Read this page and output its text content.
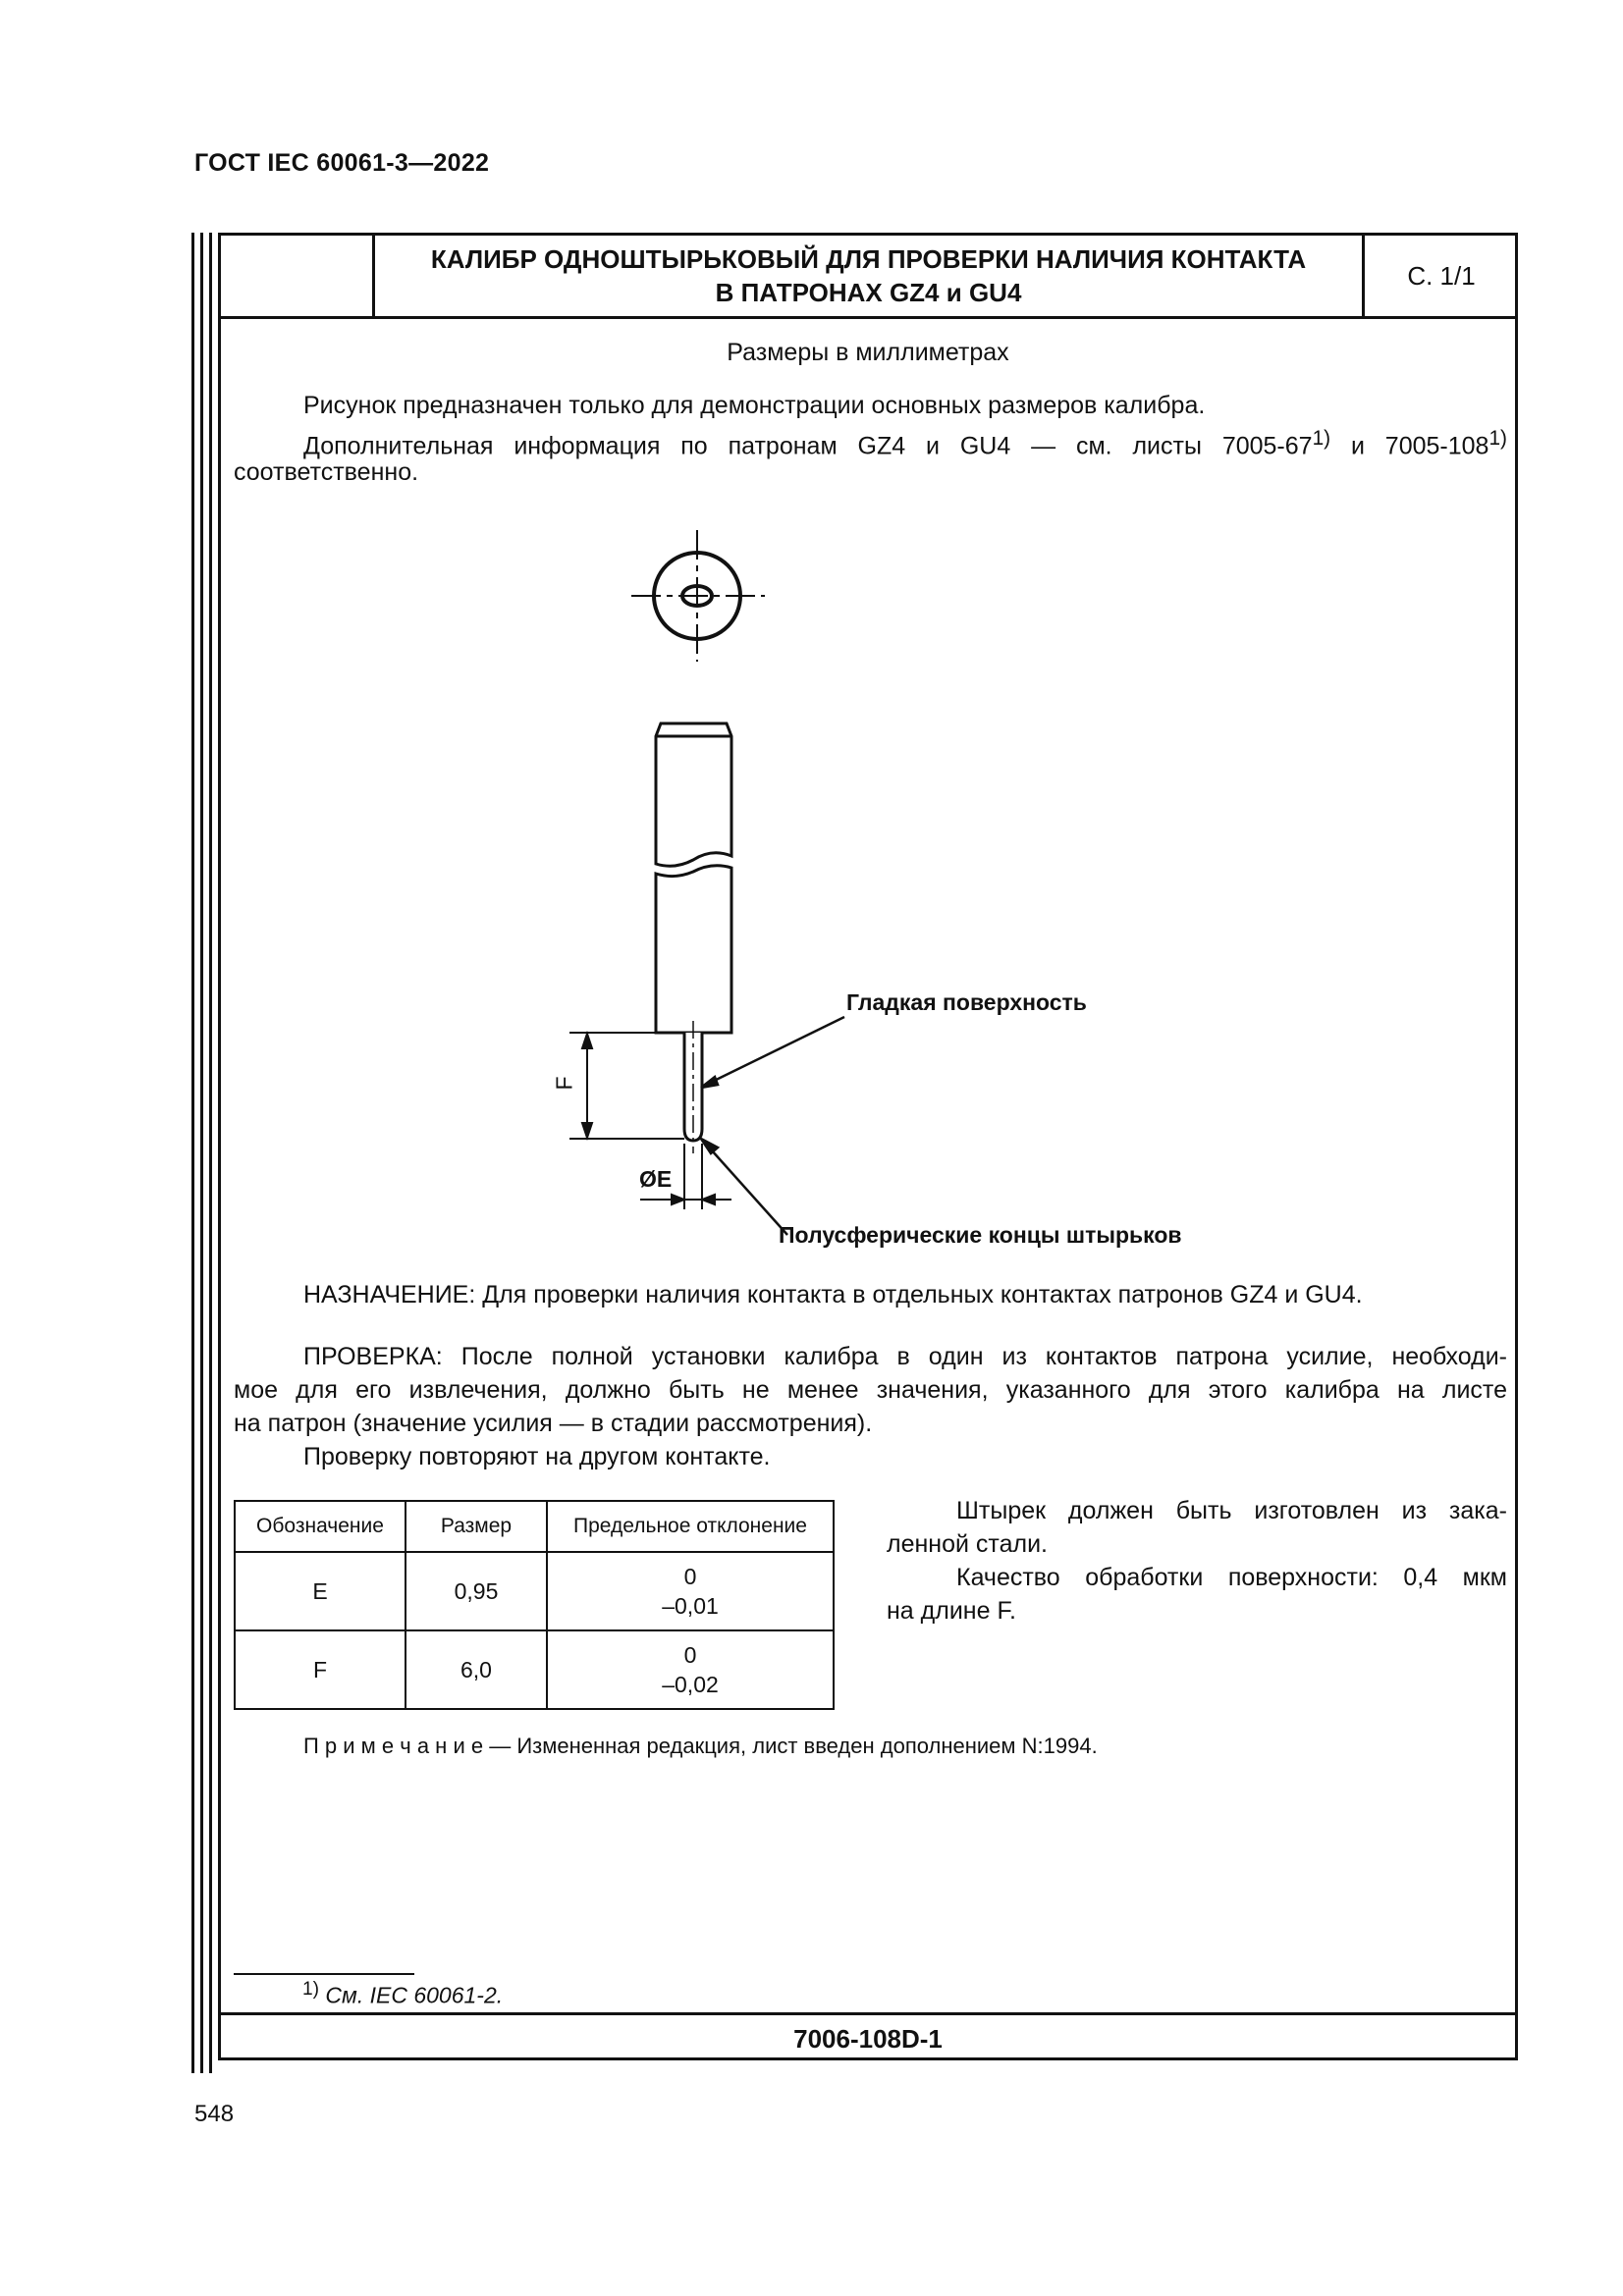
ГОСТ IEC 60061-3—2022
КАЛИБР ОДНОШТЫРЬКОВЫЙ ДЛЯ ПРОВЕРКИ НАЛИЧИЯ КОНТАКТА
В ПАТРОНАХ GZ4 и GU4
С. 1/1
Размеры в миллиметрах
Рисунок предназначен только для демонстрации основных размеров калибра.
Дополнительная информация по патронам GZ4 и GU4 — см. листы 7005-67$^{1)}$ и 7005-108$^{1)}$
соответственно.
Гладкая поверхность
Полусферические концы штырьков
F
ØE
НАЗНАЧЕНИЕ: Для проверки наличия контакта в отдельных контактах патронов GZ4 и GU4.
ПРОВЕРКА: После полной установки калибра в один из контактов патрона усилие, необходи-
мое для его извлечения, должно быть не менее значения, указанного для этого калибра на листе
на патрон (значение усилия — в стадии рассмотрения).
Проверку повторяют на другом контакте.
Обозначение	Размер	Предельное отклонение
E	0,95	0
–0,01

F	6,0	0
–0,02
Штырек должен быть изготовлен из зака-
ленной стали.
Качество обработки поверхности: 0,4 мкм
на длине F.
П р и м е ч а н и е — Измененная редакция, лист введен дополнением N:1994.
$^{1)}$ См. IEC 60061-2.
7006-108D-1
548
